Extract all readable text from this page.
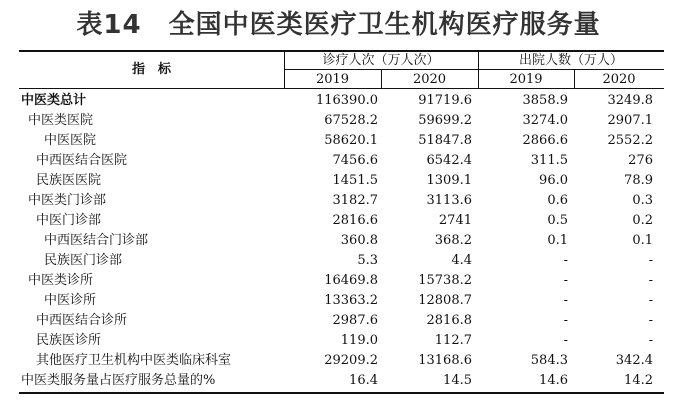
表14　全国中医类医疗卫生机构医疗服务量
指　标
诊疗人次（万人次）	出院人数（万人）
2019	2020	2019	2020
中医类总计	116390.0	91719.6	3858.9	3249.8
中医类医院	67528.2	59699.2	3274.0	2907.1
中医医院	58620.1	51847.8	2866.6	2552.2
中西医结合医院	7456.6	6542.4	311.5	276
民族医医院	1451.5	1309.1	96.0	78.9
中医类门诊部	3182.7	3113.6	0.6	0.3
中医门诊部	2816.6	2741	0.5	0.2
中西医结合门诊部	360.8	368.2	0.1	0.1
民族医门诊部	5.3	4.4	-	-
中医类诊所	16469.8	15738.2	-	-
中医诊所	13363.2	12808.7	-	-
中西医结合诊所	2987.6	2816.8	-	-
民族医诊所	119.0	112.7	-	-
其他医疗卫生机构中医类临床科室	29209.2	13168.6	584.3	342.4
中医类服务量占医疗服务总量的%	16.4	14.5	14.6	14.2
